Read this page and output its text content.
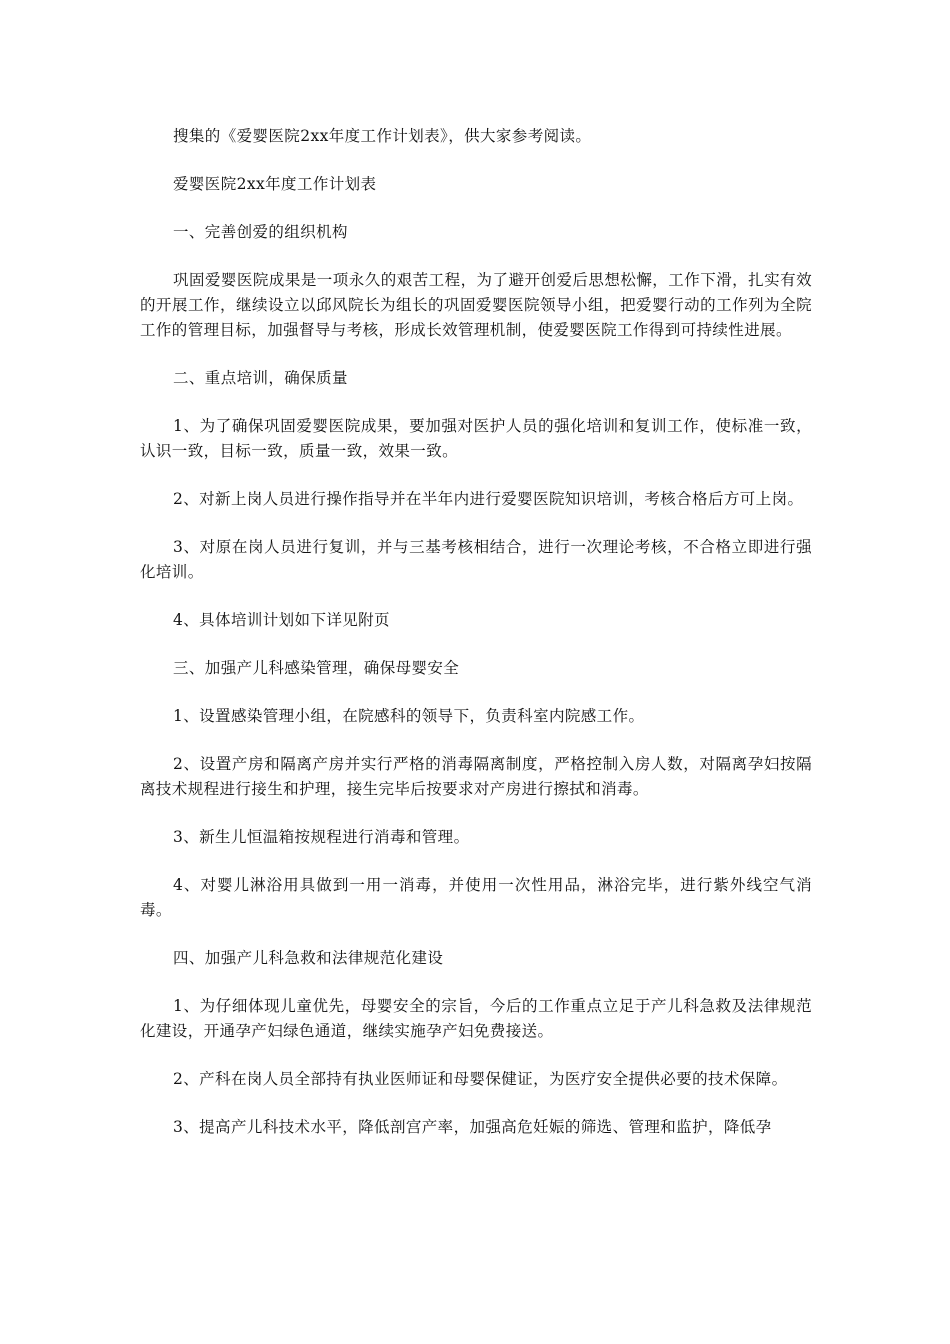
搜集的《爱婴医院2xx年度工作计划表》，供大家参考阅读。

爱婴医院2xx年度工作计划表

一、完善创爱的组织机构

巩固爱婴医院成果是一项永久的艰苦工程，为了避开创爱后思想松懈，工作下滑，扎实有效的开展工作，继续设立以邱风院长为组长的巩固爱婴医院领导小组，把爱婴行动的工作列为全院工作的管理目标，加强督导与考核，形成长效管理机制，使爱婴医院工作得到可持续性进展。

二、重点培训，确保质量

1、为了确保巩固爱婴医院成果，要加强对医护人员的强化培训和复训工作，使标准一致，认识一致，目标一致，质量一致，效果一致。

2、对新上岗人员进行操作指导并在半年内进行爱婴医院知识培训，考核合格后方可上岗。

3、对原在岗人员进行复训，并与三基考核相结合，进行一次理论考核，不合格立即进行强化培训。

4、具体培训计划如下详见附页

三、加强产儿科感染管理，确保母婴安全

1、设置感染管理小组，在院感科的领导下，负责科室内院感工作。

2、设置产房和隔离产房并实行严格的消毒隔离制度，严格控制入房人数，对隔离孕妇按隔离技术规程进行接生和护理，接生完毕后按要求对产房进行擦拭和消毒。

3、新生儿恒温箱按规程进行消毒和管理。

4、对婴儿淋浴用具做到一用一消毒，并使用一次性用品，淋浴完毕，进行紫外线空气消毒。

四、加强产儿科急救和法律规范化建设

1、为仔细体现儿童优先，母婴安全的宗旨，今后的工作重点立足于产儿科急救及法律规范化建设，开通孕产妇绿色通道，继续实施孕产妇免费接送。

2、产科在岗人员全部持有执业医师证和母婴保健证，为医疗安全提供必要的技术保障。

3、提高产儿科技术水平，降低剖宫产率，加强高危妊娠的筛选、管理和监护，降低孕
